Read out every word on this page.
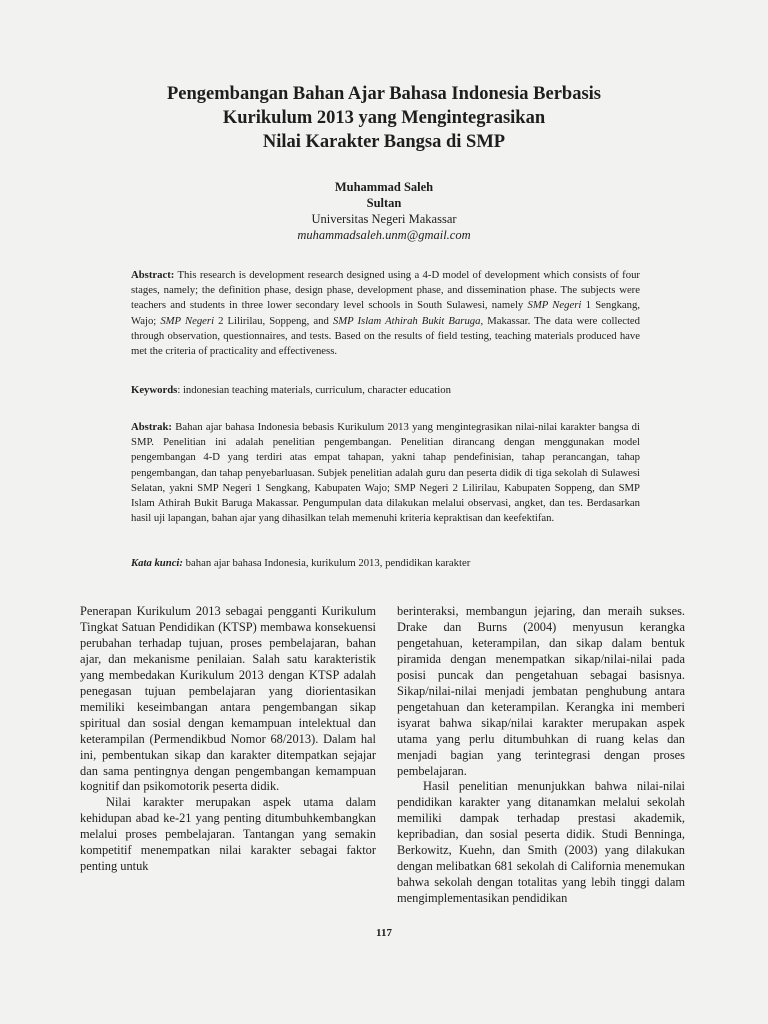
Pengembangan Bahan Ajar Bahasa Indonesia Berbasis
Kurikulum 2013 yang Mengintegrasikan
Nilai Karakter Bangsa di SMP
Muhammad Saleh
Sultan
Universitas Negeri Makassar
muhammadsaleh.unm@gmail.com
Abstract: This research is development research designed using a 4-D model of development which consists of four stages, namely; the definition phase, design phase, development phase, and dissemination phase. The subjects were teachers and students in three lower secondary level schools in South Sulawesi, namely SMP Negeri 1 Sengkang, Wajo; SMP Negeri 2 Lilirilau, Soppeng, and SMP Islam Athirah Bukit Baruga, Makassar. The data were collected through observation, questionnaires, and tests. Based on the results of field testing, teaching materials produced have met the criteria of practicality and effectiveness.
Keywords: indonesian teaching materials, curriculum, character education
Abstrak: Bahan ajar bahasa Indonesia bebasis Kurikulum 2013 yang mengintegrasikan nilai-nilai karakter bangsa di SMP. Penelitian ini adalah penelitian pengembangan. Penelitian dirancang dengan menggunakan model pengembangan 4-D yang terdiri atas empat tahapan, yakni tahap pendefinisian, tahap perancangan, tahap pengembangan, dan tahap penyebarluasan. Subjek penelitian adalah guru dan peserta didik di tiga sekolah di Sulawesi Selatan, yakni SMP Negeri 1 Sengkang, Kabupaten Wajo; SMP Negeri 2 Lilirilau, Kabupaten Soppeng, dan SMP Islam Athirah Bukit Baruga Makassar. Pengumpulan data dilakukan melalui observasi, angket, dan tes. Berdasarkan hasil uji lapangan, bahan ajar yang dihasilkan telah memenuhi kriteria kepraktisan dan keefektifan.
Kata kunci: bahan ajar bahasa Indonesia, kurikulum 2013, pendidikan karakter

Penerapan Kurikulum 2013 sebagai pengganti Kurikulum Tingkat Satuan Pendidikan (KTSP) membawa konsekuensi perubahan terhadap tujuan, proses pembelajaran, bahan ajar, dan mekanisme penilaian. Salah satu karakteristik yang membedakan Kurikulum 2013 dengan KTSP adalah penegasan tujuan pembelajaran yang diorientasikan memiliki keseimbangan antara pengembangan sikap spiritual dan sosial dengan kemampuan intelektual dan keterampilan (Permendikbud Nomor 68/2013). Dalam hal ini, pembentukan sikap dan karakter ditempatkan sejajar dan sama pentingnya dengan pengembangan kemampuan kognitif dan psikomotorik peserta didik.

Nilai karakter merupakan aspek utama dalam kehidupan abad ke-21 yang penting ditumbuhkembangkan melalui proses pembelajaran. Tantangan yang semakin kompetitif menempatkan nilai karakter sebagai faktor penting untuk

berinteraksi, membangun jejaring, dan meraih sukses. Drake dan Burns (2004) menyusun kerangka pengetahuan, keterampilan, dan sikap dalam bentuk piramida dengan menempatkan sikap/nilai-nilai pada posisi puncak dan pengetahuan sebagai basisnya. Sikap/nilai-nilai menjadi jembatan penghubung antara pengetahuan dan keterampilan. Kerangka ini memberi isyarat bahwa sikap/nilai karakter merupakan aspek utama yang perlu ditumbuhkan di ruang kelas dan menjadi bagian yang terintegrasi dengan proses pembelajaran.

Hasil penelitian menunjukkan bahwa nilai-nilai pendidikan karakter yang ditanamkan melalui sekolah memiliki dampak terhadap prestasi akademik, kepribadian, dan sosial peserta didik. Studi Benninga, Berkowitz, Kuehn, dan Smith (2003) yang dilakukan dengan melibatkan 681 sekolah di California menemukan bahwa sekolah dengan totalitas yang lebih tinggi dalam mengimplementasikan pendidikan

117
